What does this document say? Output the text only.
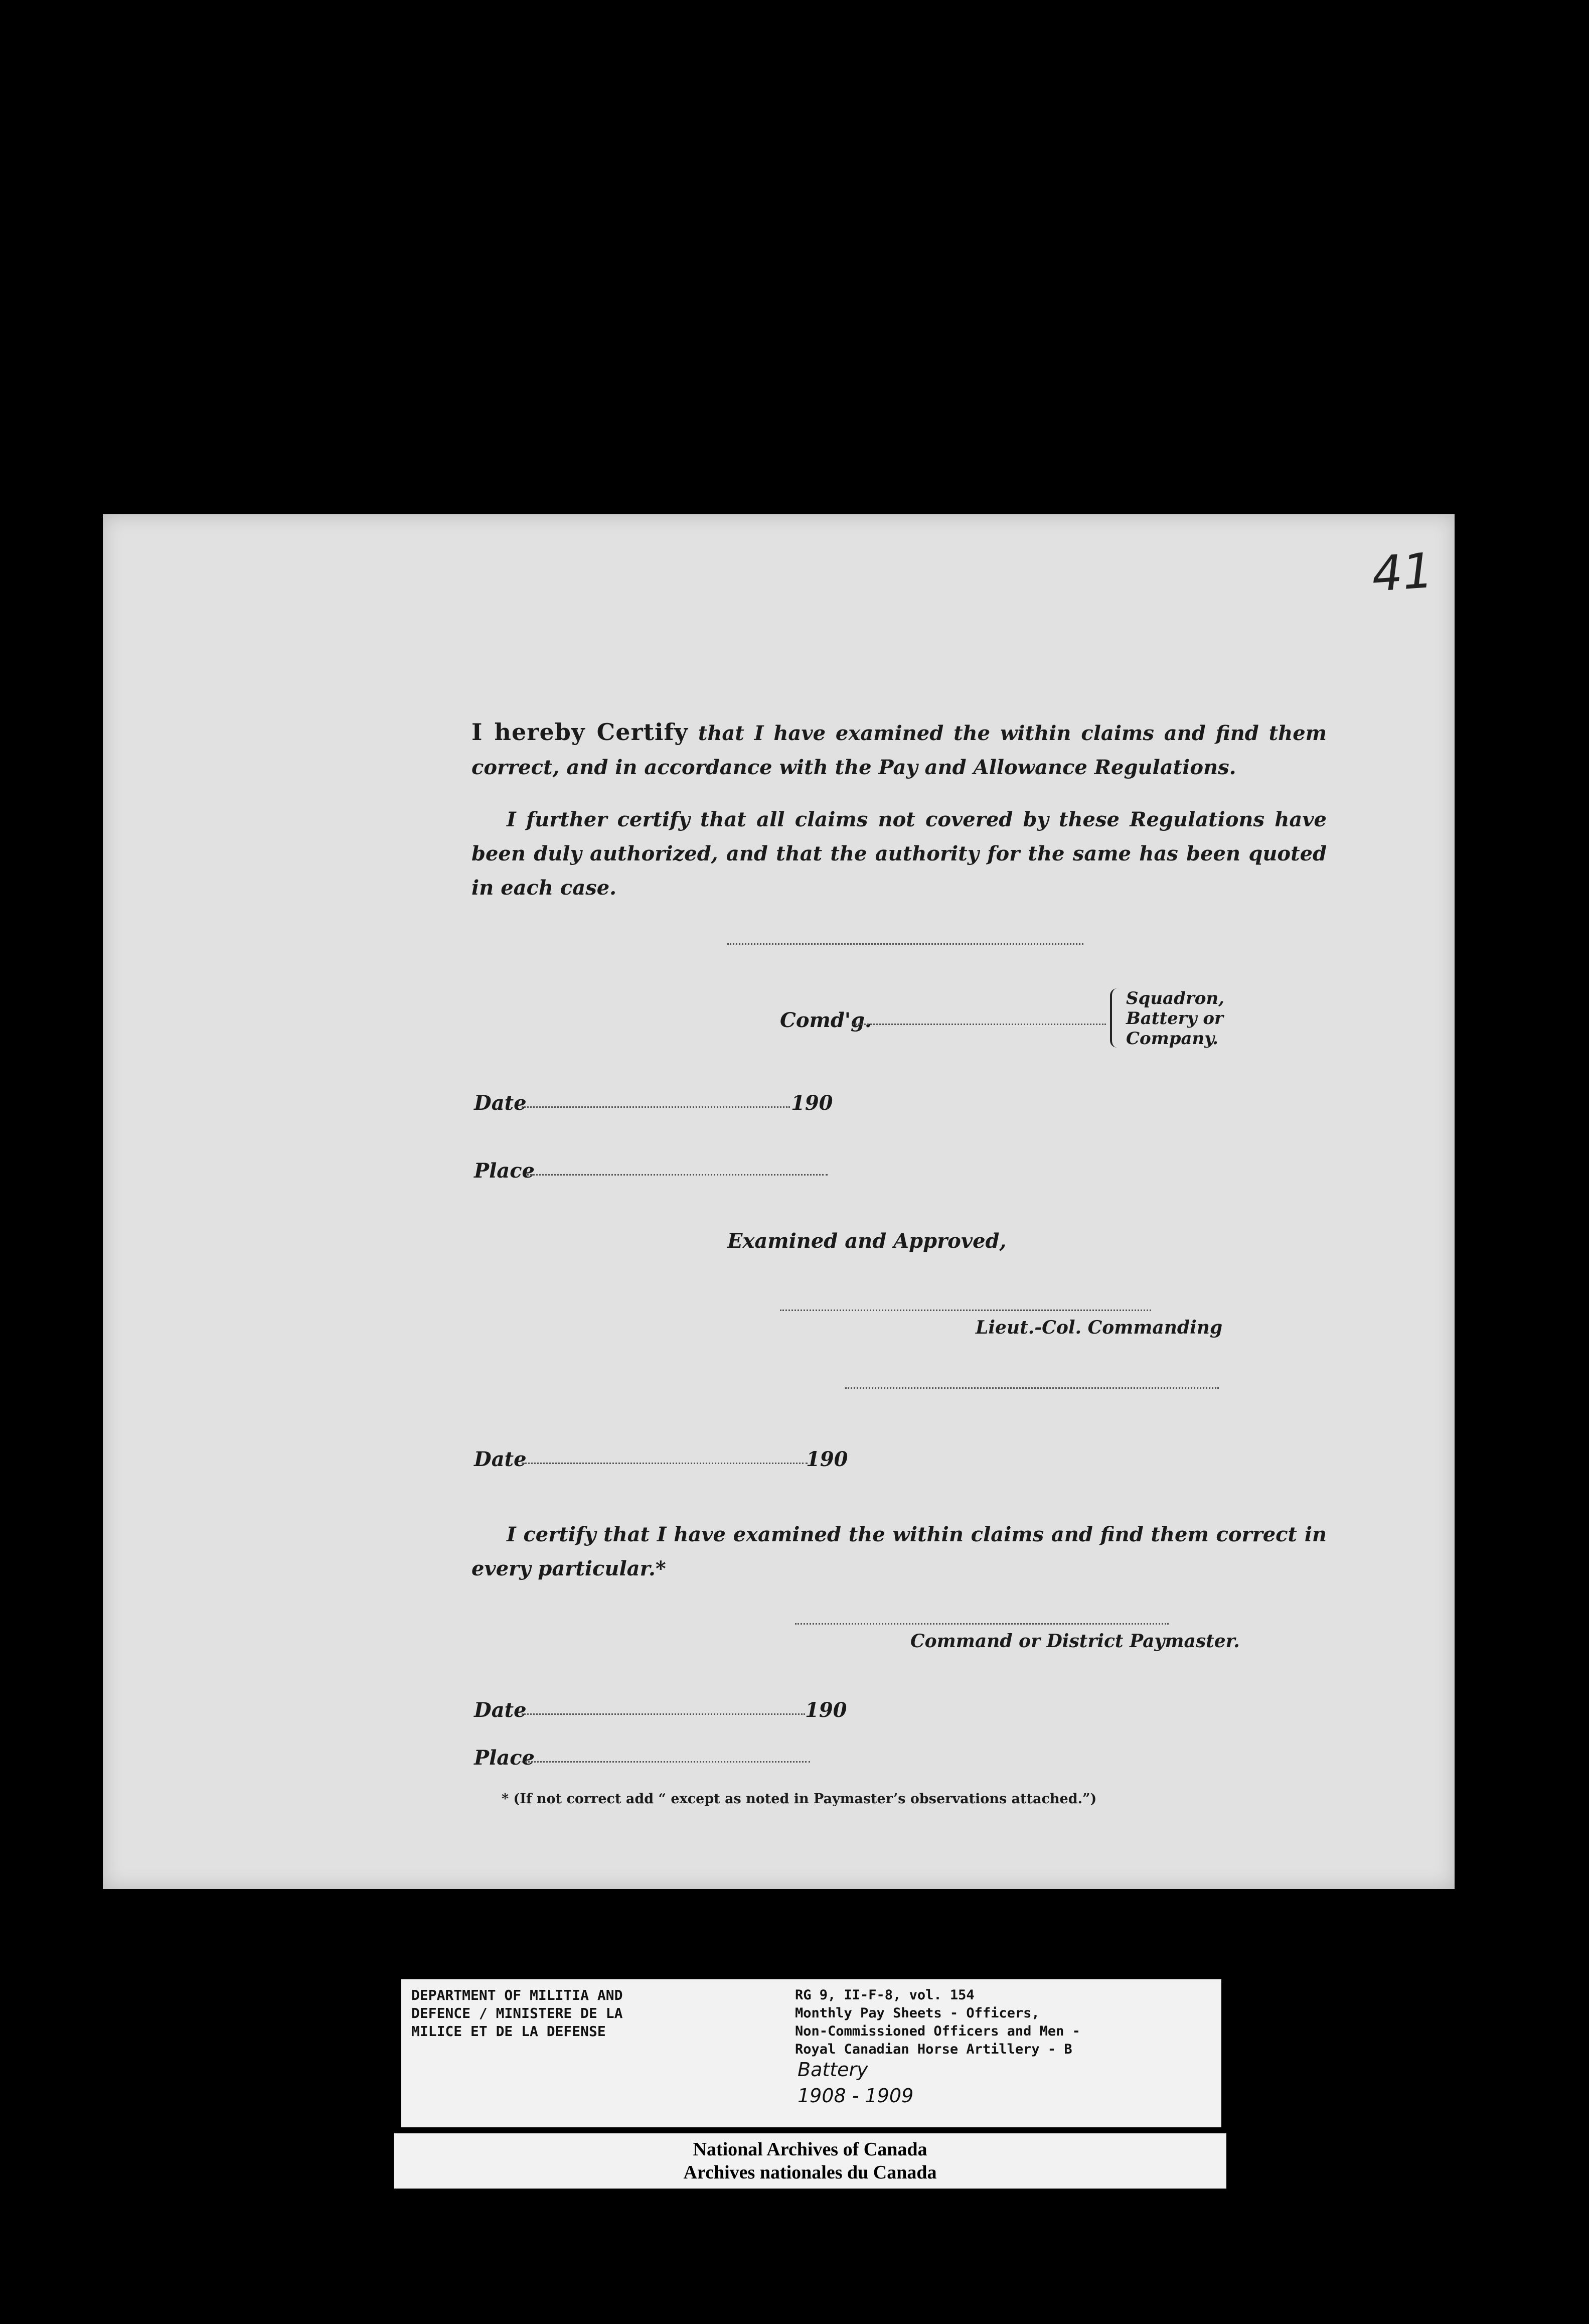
41
I hereby Certify that I have examined the within claims and find them correct, and in accordance with the Pay and Allowance Regulations.
I further certify that all claims not covered by these Regulations have been duly authorized, and that the authority for the same has been quoted in each case.
Comd'g.
Squadron,
Battery or
Company.
Date	190
Place
Examined and Approved,
Lieut.-Col. Commanding
Date	190
I certify that I have examined the within claims and find them correct in every particular.*
Command or District Paymaster.
Date	190
Place
* (If not correct add “ except as noted in Paymaster’s observations attached.”)
DEPARTMENT OF MILITIA AND
DEFENCE / MINISTERE DE LA
MILICE ET DE LA DEFENSE
RG 9, II-F-8, vol. 154
Monthly Pay Sheets - Officers,
Non-Commissioned Officers and Men -
Royal Canadian Horse Artillery - B
Battery
1908 - 1909
National Archives of Canada
Archives nationales du Canada
